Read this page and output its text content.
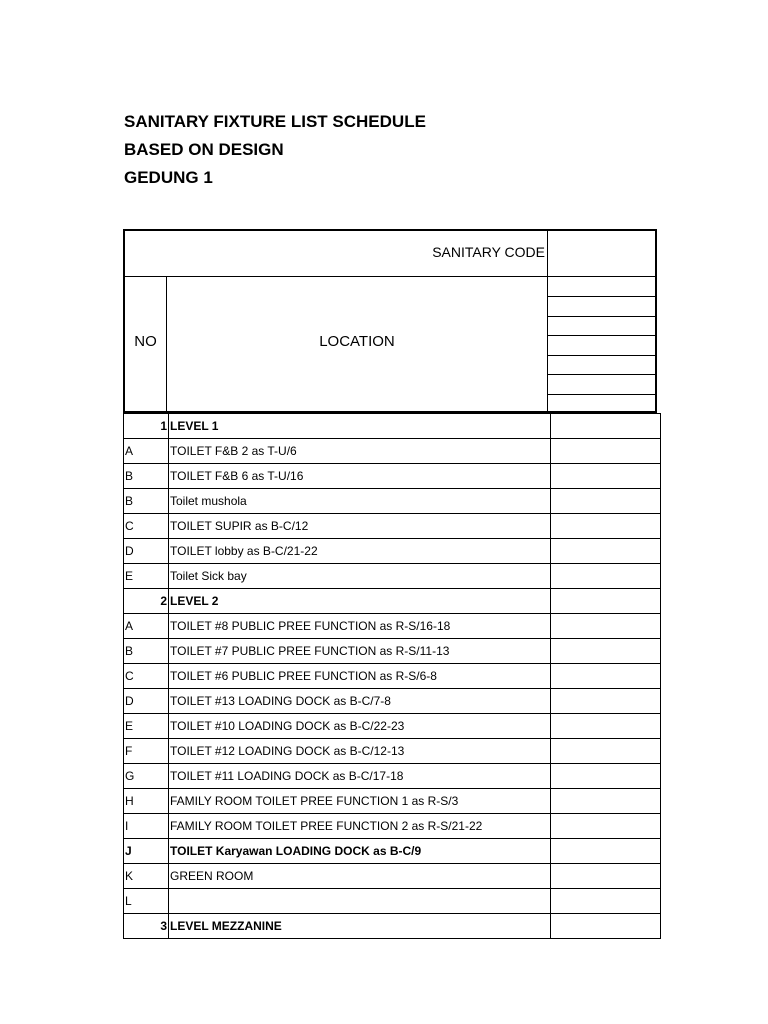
SANITARY FIXTURE LIST SCHEDULE
BASED ON DESIGN
GEDUNG 1
SANITARY CODE
NO	LOCATION
1	LEVEL 1	
A	TOILET F&B 2 as T-U/6	
B	TOILET F&B 6 as T-U/16	
B	Toilet mushola	
C	TOILET SUPIR as B-C/12	
D	TOILET lobby as B-C/21-22	
E	Toilet Sick bay	
2	LEVEL 2	
A	TOILET #8 PUBLIC PREE FUNCTION as R-S/16-18	
B	TOILET #7 PUBLIC PREE FUNCTION as R-S/11-13	
C	TOILET #6 PUBLIC PREE FUNCTION as R-S/6-8	
D	TOILET #13 LOADING DOCK as B-C/7-8	
E	TOILET #10 LOADING DOCK as B-C/22-23	
F	TOILET #12 LOADING DOCK as B-C/12-13	
G	TOILET #11 LOADING DOCK as B-C/17-18	
H	FAMILY ROOM TOILET PREE FUNCTION 1 as R-S/3	
I	FAMILY ROOM TOILET PREE FUNCTION 2 as R-S/21-22	
J	TOILET Karyawan LOADING DOCK as B-C/9	
K	GREEN ROOM	
L		
3	LEVEL MEZZANINE	
